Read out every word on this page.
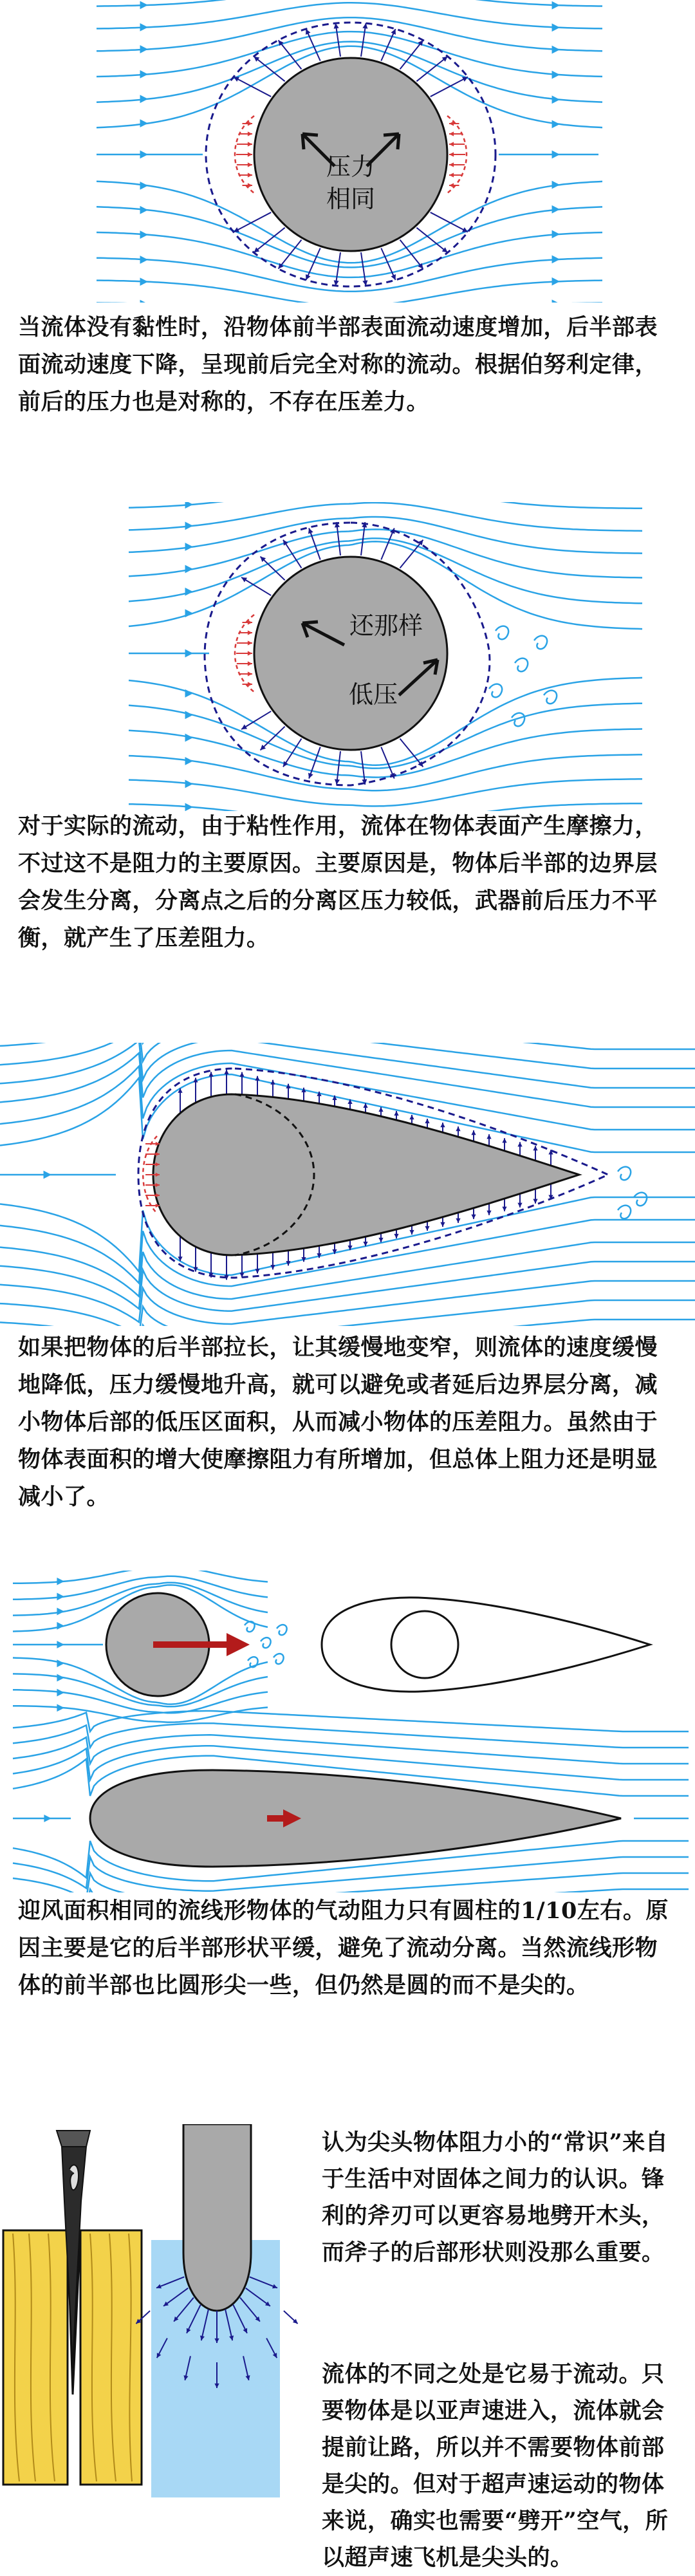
压力
相同
当流体没有黏性时，沿物体前半部表面流动速度增加，后半部表面流动速度下降，呈现前后完全对称的流动。根据伯努利定律，前后的压力也是对称的，不存在压差力。
还那样
低压
对于实际的流动，由于粘性作用，流体在物体表面产生摩擦力，不过这不是阻力的主要原因。主要原因是，物体后半部的边界层会发生分离，分离点之后的分离区压力较低，武器前后压力不平衡，就产生了压差阻力。
如果把物体的后半部拉长，让其缓慢地变窄，则流体的速度缓慢地降低，压力缓慢地升高，就可以避免或者延后边界层分离，减小物体后部的低压区面积，从而减小物体的压差阻力。虽然由于物体表面积的增大使摩擦阻力有所增加，但总体上阻力还是明显减小了。
迎风面积相同的流线形物体的气动阻力只有圆柱的1/10左右。原因主要是它的后半部形状平缓，避免了流动分离。当然流线形物体的前半部也比圆形尖一些，但仍然是圆的而不是尖的。
认为尖头物体阻力小的“常识”来自于生活中对固体之间力的认识。锋利的斧刃可以更容易地劈开木头，而斧子的后部形状则没那么重要。
流体的不同之处是它易于流动。只要物体是以亚声速进入，流体就会提前让路，所以并不需要物体前部是尖的。但对于超声速运动的物体来说，确实也需要“劈开”空气，所以超声速飞机是尖头的。
